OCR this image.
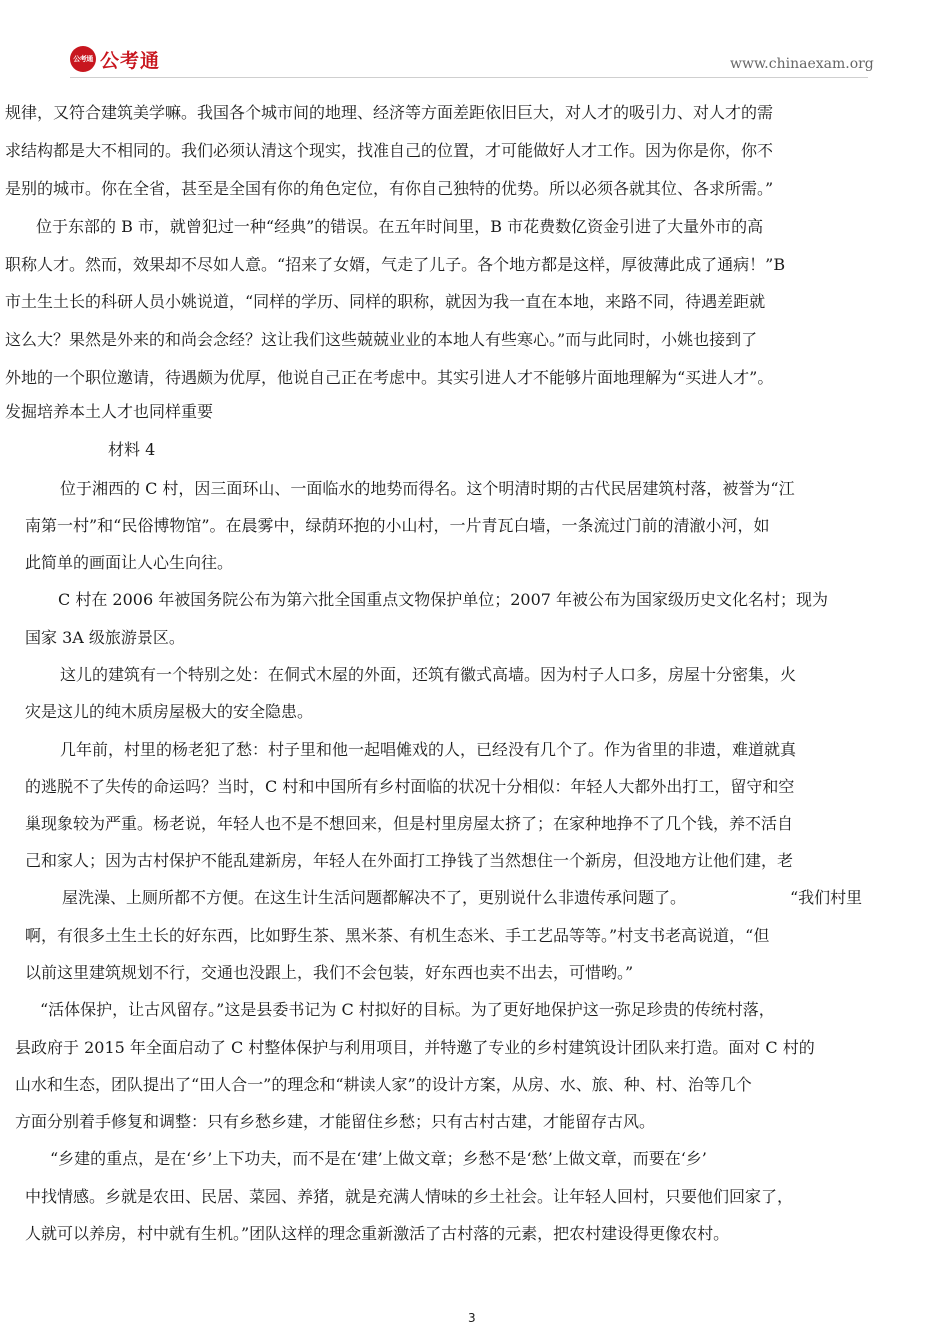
公考通 公考通	www.chinaexam.org
规律，又符合建筑美学嘛。我国各个城市间的地理、经济等方面差距依旧巨大，对人才的吸引力、对人才的需
求结构都是大不相同的。我们必须认清这个现实，找准自己的位置，才可能做好人才工作。因为你是你，你不
是别的城市。你在全省，甚至是全国有你的角色定位，有你自己独特的优势。所以必须各就其位、各求所需。”
位于东部的 B 市，就曾犯过一种“经典”的错误。在五年时间里，B 市花费数亿资金引进了大量外市的高
职称人才。然而，效果却不尽如人意。“招来了女婿，气走了儿子。各个地方都是这样，厚彼薄此成了通病！”B
市土生土长的科研人员小姚说道，“同样的学历、同样的职称，就因为我一直在本地，来路不同，待遇差距就
这么大？果然是外来的和尚会念经？这让我们这些兢兢业业的本地人有些寒心。”而与此同时，小姚也接到了
外地的一个职位邀请，待遇颇为优厚，他说自己正在考虑中。其实引进人才不能够片面地理解为“买进人才”。
发掘培养本土人才也同样重要
材料 4
位于湘西的 C 村，因三面环山、一面临水的地势而得名。这个明清时期的古代民居建筑村落，被誉为“江
南第一村”和“民俗博物馆”。在晨雾中，绿荫环抱的小山村，一片青瓦白墙，一条流过门前的清澈小河，如
此简单的画面让人心生向往。
C 村在 2006 年被国务院公布为第六批全国重点文物保护单位；2007 年被公布为国家级历史文化名村；现为
国家 3A 级旅游景区。
这儿的建筑有一个特别之处：在侗式木屋的外面，还筑有徽式高墙。因为村子人口多，房屋十分密集，火
灾是这儿的纯木质房屋极大的安全隐患。
几年前，村里的杨老犯了愁：村子里和他一起唱傩戏的人，已经没有几个了。作为省里的非遗，难道就真
的逃脱不了失传的命运吗？当时，C 村和中国所有乡村面临的状况十分相似：年轻人大都外出打工，留守和空
巢现象较为严重。杨老说，年轻人也不是不想回来，但是村里房屋太挤了；在家种地挣不了几个钱，养不活自
己和家人；因为古村保护不能乱建新房，年轻人在外面打工挣钱了当然想住一个新房，但没地方让他们建，老
屋洗澡、上厕所都不方便。在这生计生活问题都解决不了，更别说什么非遗传承问题了。	“我们村里
啊，有很多土生土长的好东西，比如野生茶、黑米茶、有机生态米、手工艺品等等。”村支书老高说道，“但
以前这里建筑规划不行，交通也没跟上，我们不会包装，好东西也卖不出去，可惜哟。”
“活体保护，让古风留存。”这是县委书记为 C 村拟好的目标。为了更好地保护这一弥足珍贵的传统村落，
县政府于 2015 年全面启动了 C 村整体保护与利用项目，并特邀了专业的乡村建筑设计团队来打造。面对 C 村的
山水和生态，团队提出了“田人合一”的理念和“耕读人家”的设计方案，从房、水、旅、种、村、治等几个
方面分别着手修复和调整：只有乡愁乡建，才能留住乡愁；只有古村古建，才能留存古风。
“乡建的重点，是在‘乡’上下功夫，而不是在‘建’上做文章；乡愁不是‘愁’上做文章，而要在‘乡’
中找情感。乡就是农田、民居、菜园、养猪，就是充满人情味的乡土社会。让年轻人回村，只要他们回家了，
人就可以养房，村中就有生机。”团队这样的理念重新激活了古村落的元素，把农村建设得更像农村。
3
